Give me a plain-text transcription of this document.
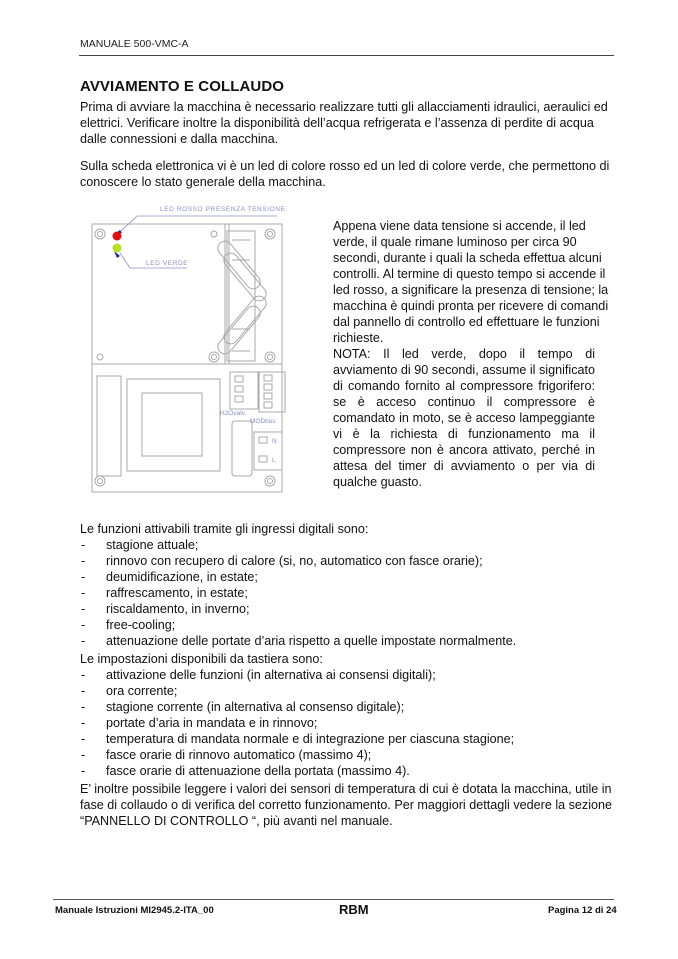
MANUALE 500-VMC-A
AVVIAMENTO E COLLAUDO
Prima di avviare la macchina è necessario realizzare tutti gli allacciamenti idraulici, aeraulici ed elettrici. Verificare inoltre la disponibilità dell’acqua refrigerata e l’assenza di perdite di acqua dalle connessioni e dalla macchina.
Sulla scheda elettronica vi è un led di colore rosso ed un led di colore verde, che permettono di conoscere lo stato generale della macchina.
LED ROSSO PRESENZA TENSIONE
LED VERDE
H2Ovalv.
MODbus
N
L
Appena viene data tensione si accende, il led verde, il quale rimane luminoso per circa 90 secondi, durante i quali la scheda effettua alcuni controlli. Al termine di questo tempo si accende il led rosso, a significare la presenza di tensione; la macchina è quindi pronta per ricevere di comandi dal pannello di controllo ed effettuare le funzioni richieste.
NOTA: Il led verde, dopo il tempo di avviamento di 90 secondi, assume il significato di comando fornito al compressore frigorifero: se è acceso continuo il compressore è comandato in moto, se è acceso lampeggiante vi è la richiesta di funzionamento ma il compressore non è ancora attivato, perché in attesa del timer di avviamento o per via di qualche guasto.
Le funzioni attivabili tramite gli ingressi digitali sono:
- stagione attuale;
- rinnovo con recupero di calore (si, no, automatico con fasce orarie);
- deumidificazione, in estate;
- raffrescamento, in estate;
- riscaldamento, in inverno;
- free-cooling;
- attenuazione delle portate d’aria rispetto a quelle impostate normalmente.
Le impostazioni disponibili da tastiera sono:
- attivazione delle funzioni (in alternativa ai consensi digitali);
- ora corrente;
- stagione corrente (in alternativa al consenso digitale);
- portate d’aria in mandata e in rinnovo;
- temperatura di mandata normale e di integrazione per ciascuna stagione;
- fasce orarie di rinnovo automatico (massimo 4);
- fasce orarie di attenuazione della portata (massimo 4).
E’ inoltre possibile leggere i valori dei sensori di temperatura di cui è dotata la macchina, utile in fase di collaudo o di verifica del corretto funzionamento. Per maggiori dettagli vedere la sezione “PANNELLO DI CONTROLLO “, più avanti nel manuale.
Manuale Istruzioni MI2945.2-ITA_00	RBM	Pagina 12 di 24
